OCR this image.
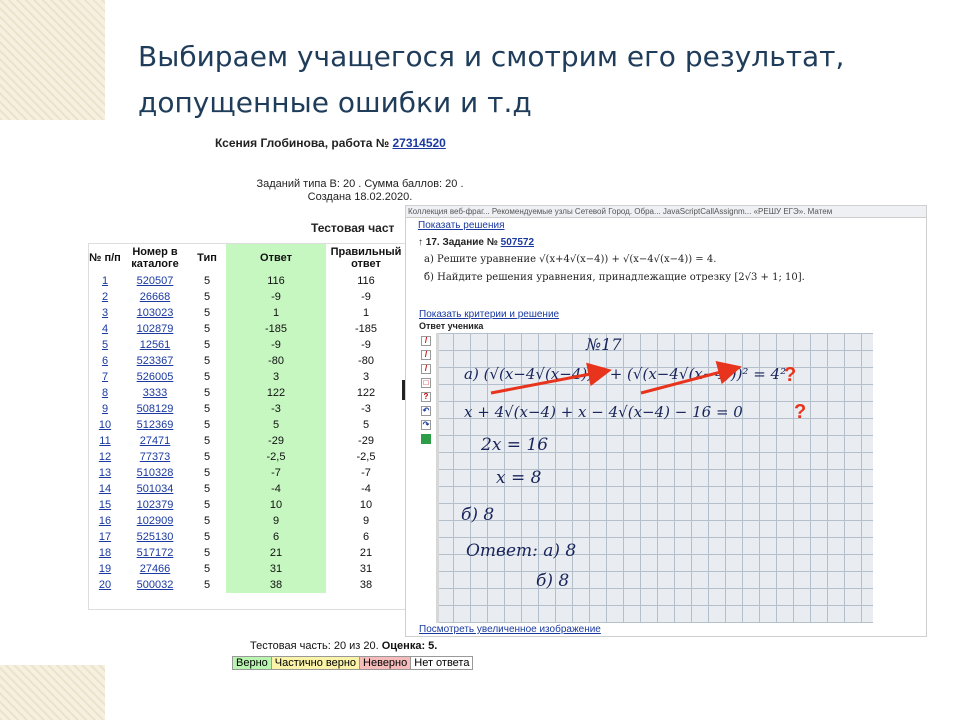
Выбираем учащегося и смотрим его результат,
допущенные ошибки и т.д
Ксения Глобинова, работа № 27314520
Заданий типа В: 20 . Сумма баллов: 20 .
Создана 18.02.2020.
Тестовая част
№ п/п	Номер в каталоге	Тип	Ответ	Правильный ответ
1	520507	5	116	116
2	26668	5	-9	-9
3	103023	5	1	1
4	102879	5	-185	-185
5	12561	5	-9	-9
6	523367	5	-80	-80
7	526005	5	3	3
8	3333	5	122	122
9	508129	5	-3	-3
10	512369	5	5	5
11	27471	5	-29	-29
12	77373	5	-2,5	-2,5
13	510328	5	-7	-7
14	501034	5	-4	-4
15	102379	5	10	10
16	102909	5	9	9
17	525130	5	6	6
18	517172	5	21	21
19	27466	5	31	31
20	500032	5	38	38
Тестовая часть: 20 из 20. Оценка: 5.
Верно Частично верно Неверно Нет ответа
Коллекция веб-фраг... Рекомендуемые узлы Сетевой Город. Обра... JavaScriptCallAssignm... «РЕШУ ЕГЭ». Матем
Показать решения
↑ 17. Задание № 507572
а) Решите уравнение √(x+4√(x−4)) + √(x−4√(x−4)) = 4.
б) Найдите решения уравнения, принадлежащие отрезку [2√3 + 1; 10].
Показать критерии и решение
Ответ ученика
/
/
/
□
?
↶
↷
№17
а) (√(x−4√(x−4)))² + (√(x−4√(x−4)))² = 4²
x + 4√(x−4) + x − 4√(x−4) − 16 = 0
2x = 16
x = 8
б) 8
Ответ: а) 8
б) 8
?
?
Посмотреть увеличенное изображение
